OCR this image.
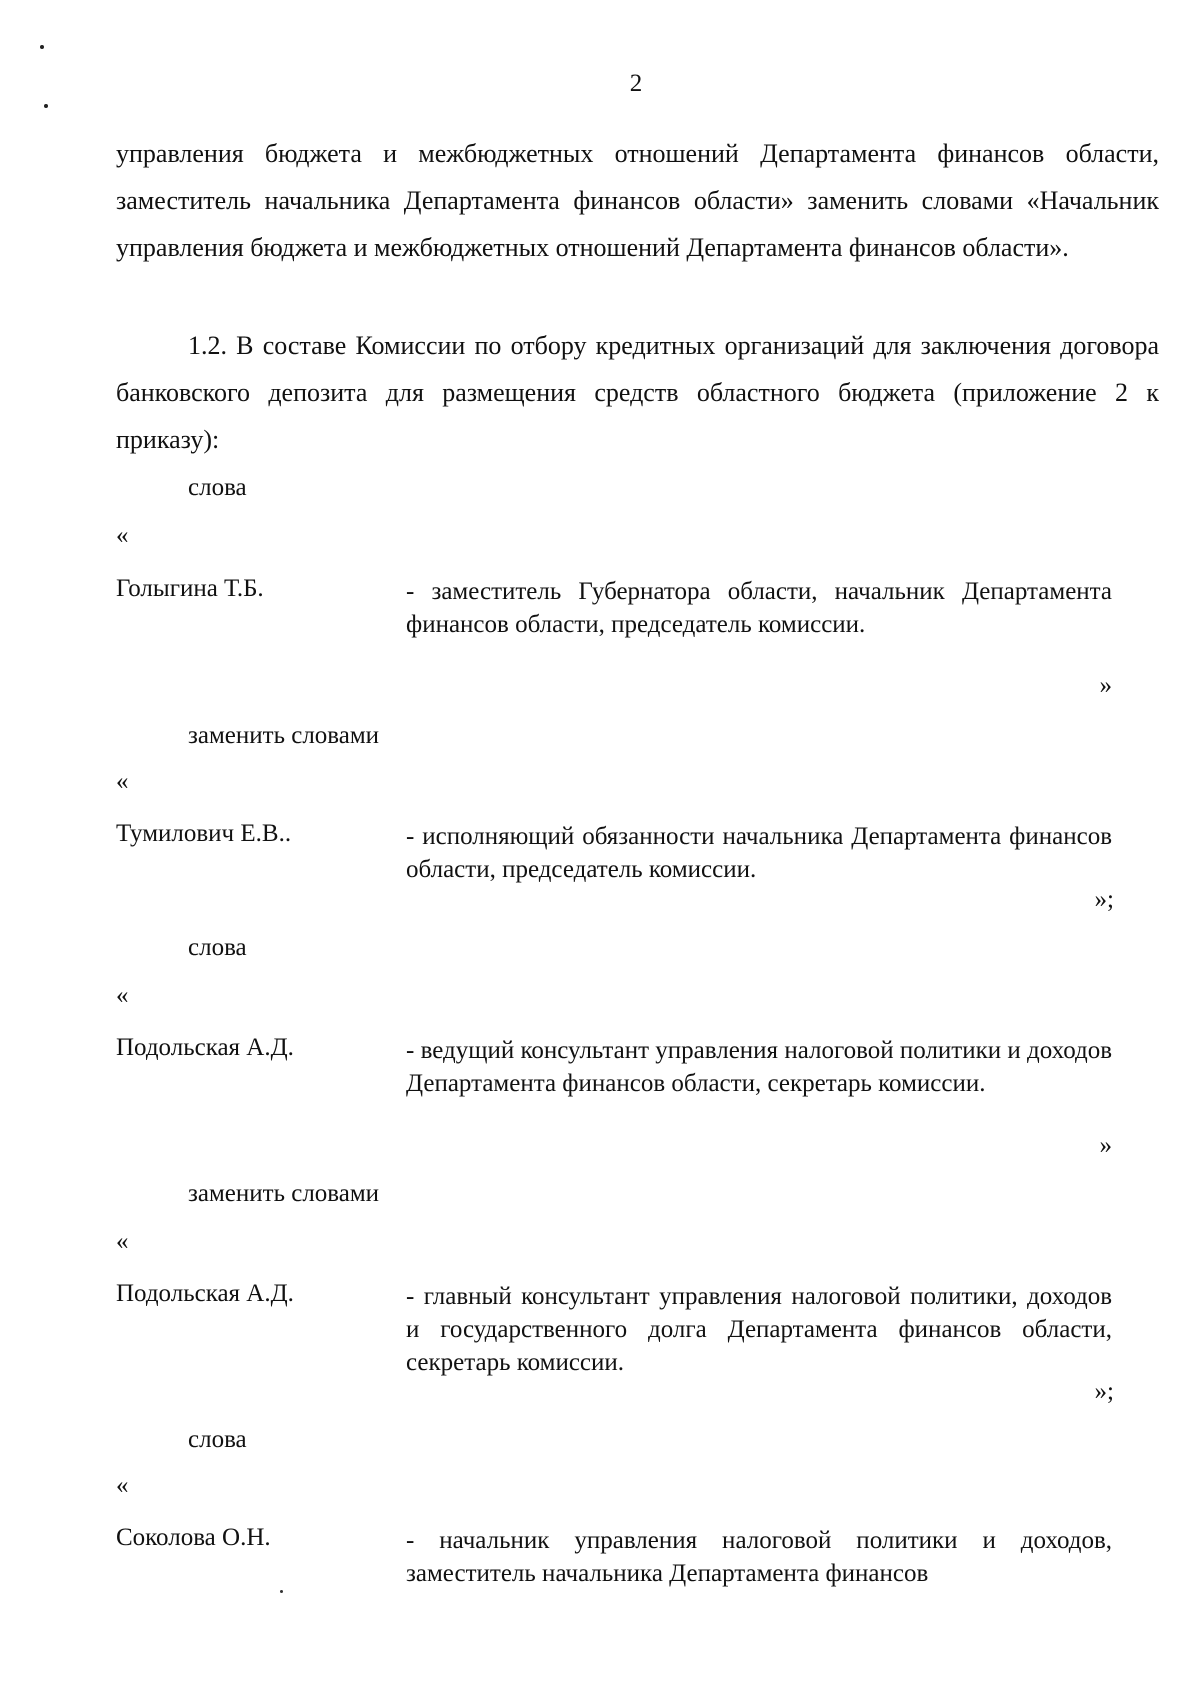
2

управления бюджета и межбюджетных отношений Департамента финансов области, заместитель начальника Департамента финансов области» заменить словами «Начальник управления бюджета и межбюджетных отношений Департамента финансов области».

1.2. В составе Комиссии по отбору кредитных организаций для заключения договора банковского депозита для размещения средств областного бюджета (приложение 2 к приказу):

слова
«
Голыгина Т.Б.	- заместитель Губернатора области, начальник Департамента финансов области, председатель комиссии.

»
заменить словами
«
Тумилович Е.В..	- исполняющий обязанности начальника Департамента финансов области, председатель комиссии.

»;
слова
«
Подольская А.Д.	- ведущий консультант управления налоговой политики и доходов Департамента финансов области, секретарь комиссии.

»
заменить словами
«
Подольская А.Д.	- главный консультант управления налоговой политики, доходов и государственного долга Департамента финансов области, секретарь комиссии.

»;
слова
«
Соколова О.Н.	- начальник управления налоговой политики и доходов, заместитель начальника Департамента финансов
